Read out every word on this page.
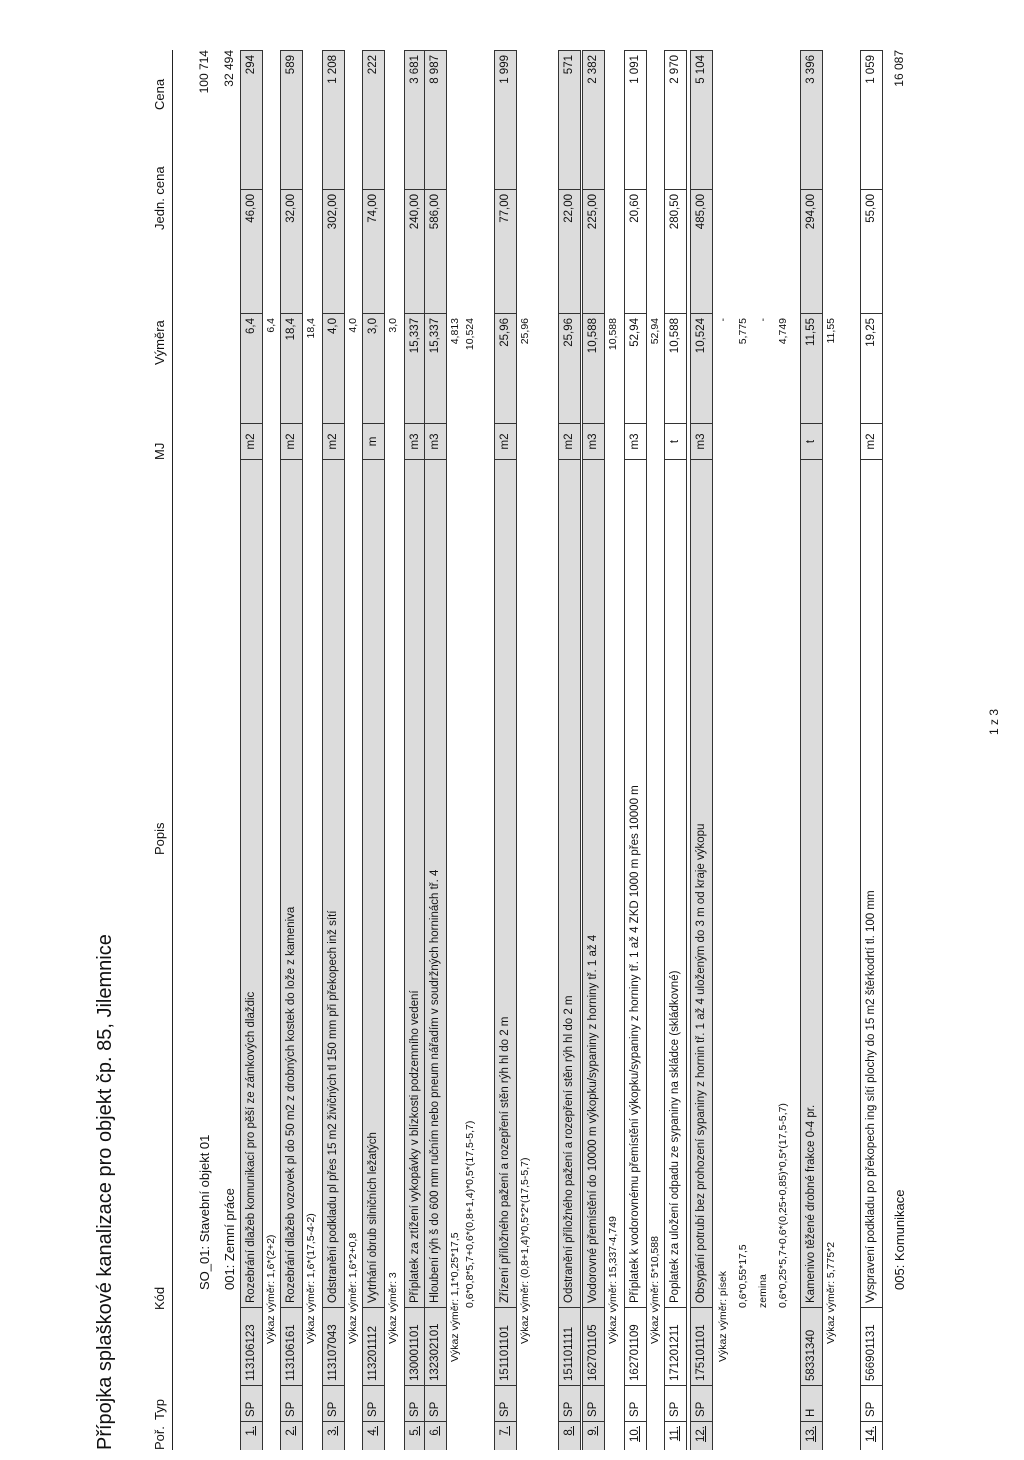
Přípojka splaškové kanalizace pro objekt čp. 85, Jilemnice	Poř.
Typ
Kód
Popis
MJ
Výměra
Jedn. cena
Cena
SO_01: Stavební objekt 01
100 714
001: Zemní práce
32 494
005: Komunikace
16 087
1 z 3
1.
SP
113106123
Rozebrání dlažeb komunikací pro pěší ze zámkových dlaždic
m2
6,4
46,00
294
Výkaz výměr: 1,6*(2+2)
6,4
2.
SP
113106161
Rozebrání dlažeb vozovek pl do 50 m2 z drobných kostek do lože z kameniva
m2
18,4
32,00
589
Výkaz výměr: 1,6*(17,5-4-2)
18,4
3.
SP
113107043
Odstranění podkladu pl přes 15 m2 živičných tl 150 mm při překopech inž sítí
m2
4,0
302,00
1 208
Výkaz výměr: 1,6*2+0,8
4,0
4.
SP
113201112
Vytrhání obrub silničních ležatých
m
3,0
74,00
222
Výkaz výměr: 3
3,0
5.
SP
130001101
Příplatek za ztížení vykopávky v blízkosti podzemního vedení
m3
15,337
240,00
3 681
6.
SP
132302101
Hloubení rýh š do 600 mm ručním nebo pneum nářadím v soudržných horninách tř. 4
m3
15,337
586,00
8 987
Výkaz výměr: 1,1*0,25*17,5
4,813
7.
SP
151101101
Zřízení příložného pažení a rozepření stěn rýh hl do 2 m
m2
25,96
77,00
1 999
Výkaz výměr: (0,8+1,4)*0,5*2*(17,5-5,7)
25,96
8.
SP
151101111
Odstranění příložného pažení a rozepření stěn rýh hl do 2 m
m2
25,96
22,00
571
9.
SP
162701105
Vodorovné přemístění do 10000 m výkopku/sypaniny z horniny tř. 1 až 4
m3
10,588
225,00
2 382
Výkaz výměr: 15,337-4,749
10,588
10.
SP
162701109
Příplatek k vodorovnému přemístění výkopku/sypaniny z horniny tř. 1 až 4 ZKD 1000 m přes 10000 m
m3
52,94
20,60
1 091
Výkaz výměr: 5*10,588
52,94
11.
SP
171201211
Poplatek za uložení odpadu ze sypaniny na skládce (skládkovné)
t
10,588
280,50
2 970
12.
SP
175101101
Obsypání potrubí bez prohození sypaniny z hornin tř. 1 až 4 uloženým do 3 m od kraje výkopu
m3
10,524
485,00
5 104
13.
H
58331340
Kamenivo těžené drobné frakce 0-4 pr.
t
11,55
294,00
3 396
Výkaz výměr: 5,775*2
11,55
14.
SP
566901131
Vyspravení podkladu po překopech ing sítí plochy do 15 m2 štěrkodrtí tl. 100 mm
m2
19,25
55,00
1 059
0,6*0,8*5,7+0,6*(0,8+1,4)*0,5*(17,5-5,7)
10,524
Výkaz výměr: písek
-
0,6*0,55*17,5
5,775
zemina
-
0,6*0,25*5,7+0,6*(0,25+0,85)*0,5*(17,5-5,7)
4,749
